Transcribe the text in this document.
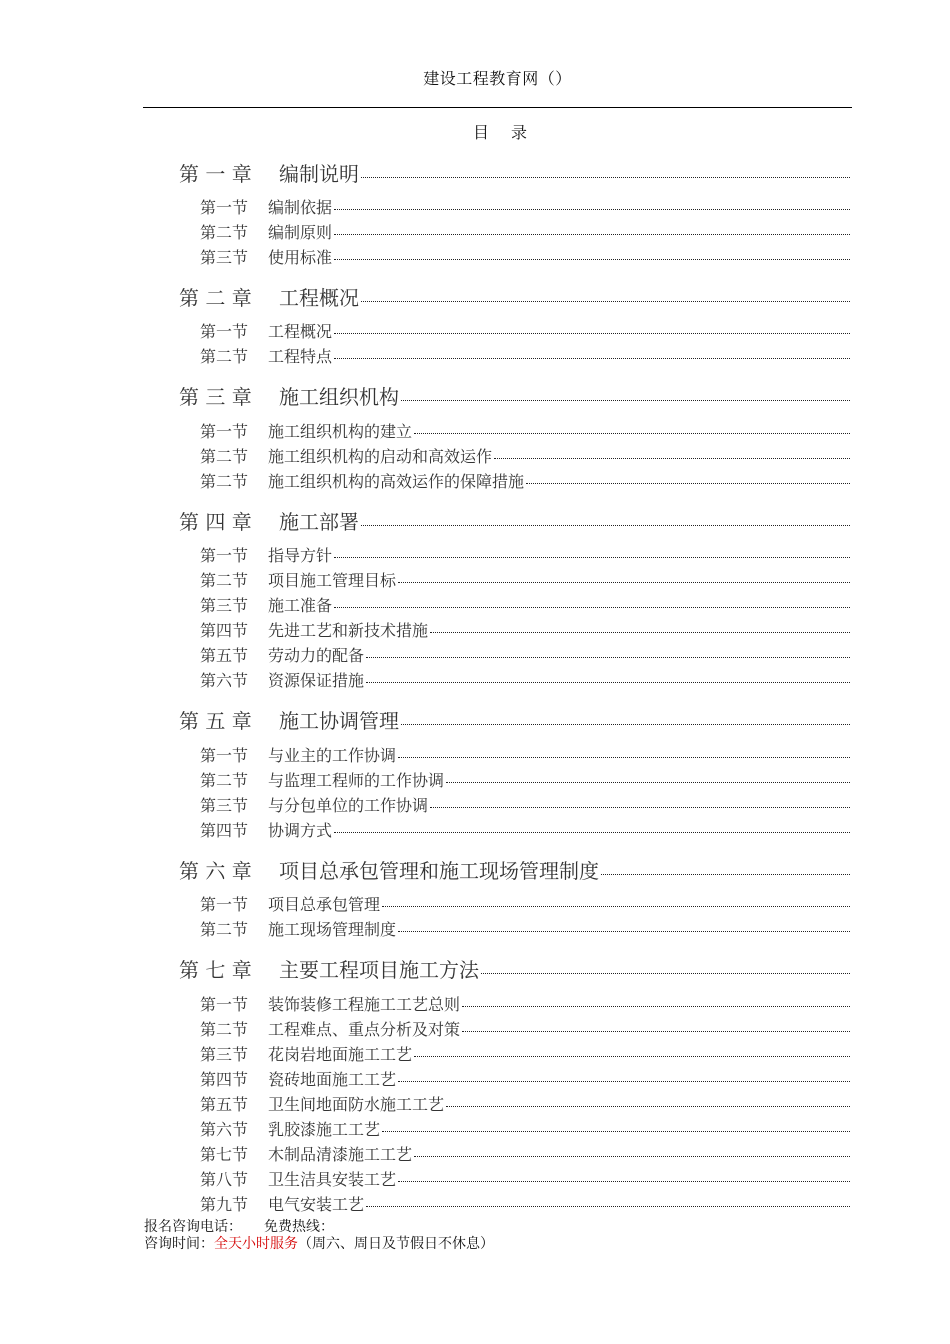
建设工程教育网（）
目录
第 一 章	编制说明
第一节	编制依据
第二节	编制原则
第三节	使用标准
第 二 章	工程概况
第一节	工程概况
第二节	工程特点
第 三 章	施工组织机构
第一节	施工组织机构的建立
第二节	施工组织机构的启动和高效运作
第二节	施工组织机构的高效运作的保障措施
第 四 章	施工部署
第一节	指导方针
第二节	项目施工管理目标
第三节	施工准备
第四节	先进工艺和新技术措施
第五节	劳动力的配备
第六节	资源保证措施
第 五 章	施工协调管理
第一节	与业主的工作协调
第二节	与监理工程师的工作协调
第三节	与分包单位的工作协调
第四节	协调方式
第 六 章	项目总承包管理和施工现场管理制度
第一节	项目总承包管理
第二节	施工现场管理制度
第 七 章	主要工程项目施工方法
第一节	装饰装修工程施工工艺总则
第二节	工程难点、重点分析及对策
第三节	花岗岩地面施工工艺
第四节	瓷砖地面施工工艺
第五节	卫生间地面防水施工工艺
第六节	乳胶漆施工工艺
第七节	木制品清漆施工工艺
第八节	卫生洁具安装工艺
第九节	电气安装工艺
报名咨询电话： 免费热线：
咨询时间：全天小时服务（周六、周日及节假日不休息）
